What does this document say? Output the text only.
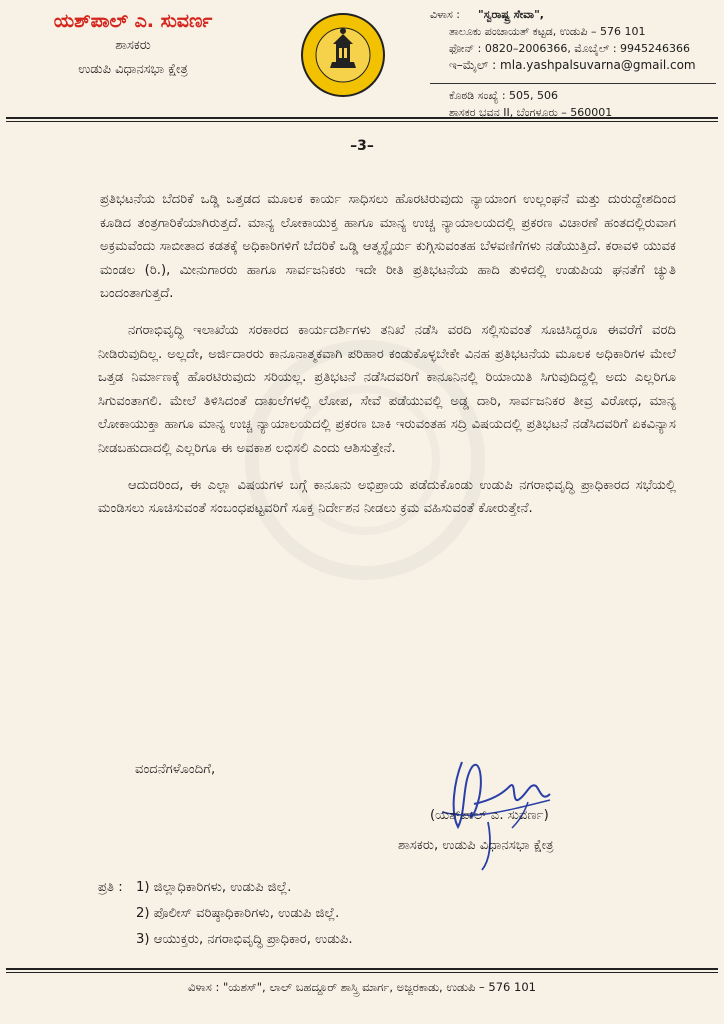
ಯಶ್‌ಪಾಲ್ ಎ. ಸುವರ್ಣ
ಶಾಸಕರು
ಉಡುಪಿ ವಿಧಾನಸಭಾ ಕ್ಷೇತ್ರ
ವಿಳಾಸ : "ಸ್ವರಾಷ್ಟ್ರ ಸೇವಾ",
ತಾಲೂಕು ಪಂಚಾಯತ್ ಕಟ್ಟಡ, ಉಡುಪಿ – 576 101
ಫೋನ್ : 0820–2006366, ಮೊಬೈಲ್ : 9945246366
ಇ–ಮೈಲ್ : mla.yashpalsuvarna@gmail.com
ಕೊಠಡಿ ಸಂಖ್ಯೆ : 505, 506
ಶಾಸಕರ ಭವನ II, ಬೆಂಗಳೂರು – 560001
–3–

ಪ್ರತಿಭಟನೆಯ ಬೆದರಿಕೆ ಒಡ್ಡಿ ಒತ್ತಡದ ಮೂಲಕ ಕಾರ್ಯ ಸಾಧಿಸಲು ಹೊರಟಿರುವುದು ನ್ಯಾಯಾಂಗ ಉಲ್ಲಂಘನೆ ಮತ್ತು ದುರುದ್ದೇಶದಿಂದ ಕೂಡಿದ ತಂತ್ರಗಾರಿಕೆಯಾಗಿರುತ್ತದೆ. ಮಾನ್ಯ ಲೋಕಾಯುಕ್ತ ಹಾಗೂ ಮಾನ್ಯ ಉಚ್ಚ ನ್ಯಾಯಾಲಯದಲ್ಲಿ ಪ್ರಕರಣ ವಿಚಾರಣೆ ಹಂತದಲ್ಲಿರುವಾಗ ಅಕ್ರಮವೆಂದು ಸಾಬೀತಾದ ಕಡತಕ್ಕೆ ಅಧಿಕಾರಿಗಳಿಗೆ ಬೆದರಿಕೆ ಒಡ್ಡಿ ಆತ್ಮಸ್ಥೈರ್ಯ ಕುಗ್ಗಿಸುವಂತಹ ಬೆಳವಣಿಗೆಗಳು ನಡೆಯುತ್ತಿದೆ. ಕರಾವಳಿ ಯುವಕ ಮಂಡಲ (ರಿ.), ಮೀನುಗಾರರು ಹಾಗೂ ಸಾರ್ವಜನಿಕರು ಇದೇ ರೀತಿ ಪ್ರತಿಭಟನೆಯ ಹಾದಿ ತುಳಿದಲ್ಲಿ ಉಡುಪಿಯ ಘನತೆಗೆ ಚ್ಯುತಿ ಬಂದಂತಾಗುತ್ತದೆ.

ನಗರಾಭಿವೃದ್ಧಿ ಇಲಾಖೆಯ ಸರಕಾರದ ಕಾರ್ಯದರ್ಶಿಗಳು ತನಿಖೆ ನಡೆಸಿ ವರದಿ ಸಲ್ಲಿಸುವಂತೆ ಸೂಚಿಸಿದ್ದರೂ ಈವರೆಗೆ ವರದಿ ನೀಡಿರುವುದಿಲ್ಲ. ಅಲ್ಲದೇ, ಅರ್ಜಿದಾರರು ಕಾನೂನಾತ್ಮಕವಾಗಿ ಪರಿಹಾರ ಕಂಡುಕೊಳ್ಳಬೇಕೇ ವಿನಹ ಪ್ರತಿಭಟನೆಯ ಮೂಲಕ ಅಧಿಕಾರಿಗಳ ಮೇಲೆ ಒತ್ತಡ ನಿರ್ಮಾಣಕ್ಕೆ ಹೊರಟಿರುವುದು ಸರಿಯಲ್ಲ. ಪ್ರತಿಭಟನೆ ನಡೆಸಿದವರಿಗೆ ಕಾನೂನಿನಲ್ಲಿ ರಿಯಾಯಿತಿ ಸಿಗುವುದಿದ್ದಲ್ಲಿ ಅದು ಎಲ್ಲರಿಗೂ ಸಿಗುವಂತಾಗಲಿ. ಮೇಲೆ ತಿಳಿಸಿದಂತೆ ದಾಖಲೆಗಳಲ್ಲಿ ಲೋಪ, ಸೇವೆ ಪಡೆಯುವಲ್ಲಿ ಅಡ್ಡ ದಾರಿ, ಸಾರ್ವಜನಿಕರ ತೀವ್ರ ವಿರೋಧ, ಮಾನ್ಯ ಲೋಕಾಯುಕ್ತಾ ಹಾಗೂ ಮಾನ್ಯ ಉಚ್ಚ ನ್ಯಾಯಾಲಯದಲ್ಲಿ ಪ್ರಕರಣ ಬಾಕಿ ಇರುವಂತಹ ಸದ್ರಿ ವಿಷಯದಲ್ಲಿ ಪ್ರತಿಭಟನೆ ನಡೆಸಿದವರಿಗೆ ಏಕವಿನ್ಯಾಸ ನೀಡಬಹುದಾದಲ್ಲಿ ಎಲ್ಲರಿಗೂ ಈ ಅವಕಾಶ ಲಭಿಸಲಿ ಎಂದು ಆಶಿಸುತ್ತೇನೆ.

ಆದುದರಿಂದ, ಈ ಎಲ್ಲಾ ವಿಷಯಗಳ ಬಗ್ಗೆ ಕಾನೂನು ಅಭಿಪ್ರಾಯ ಪಡೆದುಕೊಂಡು ಉಡುಪಿ ನಗರಾಭಿವೃದ್ಧಿ ಪ್ರಾಧಿಕಾರದ ಸಭೆಯಲ್ಲಿ ಮಂಡಿಸಲು ಸೂಚಿಸುವಂತೆ ಸಂಬಂಧಪಟ್ಟವರಿಗೆ ಸೂಕ್ತ ನಿರ್ದೇಶನ ನೀಡಲು ಕ್ರಮ ವಹಿಸುವಂತೆ ಕೋರುತ್ತೇನೆ.

ವಂದನೆಗಳೊಂದಿಗೆ,
(ಯಶ್‌ಪಾಲ್ ಎ. ಸುವರ್ಣ)
ಶಾಸಕರು, ಉಡುಪಿ ವಿಧಾನಸಭಾ ಕ್ಷೇತ್ರ
ಪ್ರತಿ : 1) ಜಿಲ್ಲಾಧಿಕಾರಿಗಳು, ಉಡುಪಿ ಜಿಲ್ಲೆ.
2) ಪೊಲೀಸ್ ವರಿಷ್ಠಾಧಿಕಾರಿಗಳು, ಉಡುಪಿ ಜಿಲ್ಲೆ.
3) ಆಯುಕ್ತರು, ನಗರಾಭಿವೃದ್ಧಿ ಪ್ರಾಧಿಕಾರ, ಉಡುಪಿ.
ವಿಳಾಸ : "ಯಶಸ್", ಲಾಲ್ ಬಹದ್ದೂರ್ ಶಾಸ್ತ್ರಿ ಮಾರ್ಗ, ಅಜ್ಜರಕಾಡು, ಉಡುಪಿ – 576 101
